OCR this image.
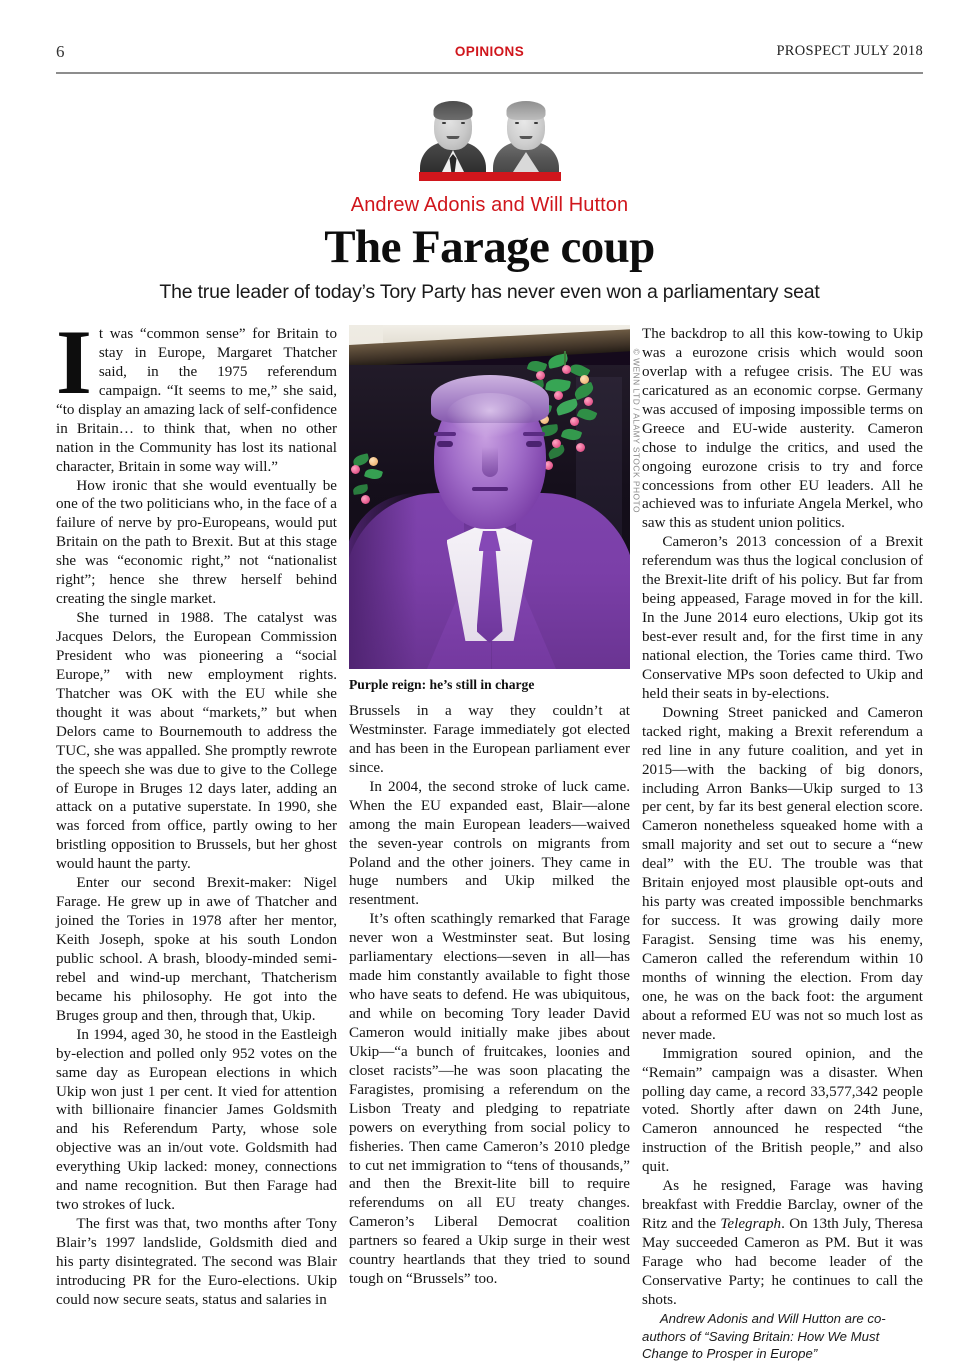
6	OPINIONS	PROSPECT JULY 2018
Andrew Adonis and Will Hutton
The Farage coup
The true leader of today’s Tory Party has never even won a parliamentary seat

It was “common sense” for Britain to stay in Europe, Margaret Thatcher said, in the 1975 referendum campaign. “It seems to me,” she said, “to display an amazing lack of self-confidence in Britain… to think that, when no other nation in the Community has lost its national character, Britain in some way will.”

How ironic that she would eventually be one of the two politicians who, in the face of a failure of nerve by pro-Europeans, would put Britain on the path to Brexit. But at this stage she was “economic right,” not “nationalist right”; hence she threw herself behind creating the single market.

She turned in 1988. The catalyst was Jacques Delors, the European Commission President who was pioneering a “social Europe,” with new employment rights. Thatcher was OK with the EU while she thought it was about “markets,” but when Delors came to Bournemouth to address the TUC, she was appalled. She promptly rewrote the speech she was due to give to the College of Europe in Bruges 12 days later, adding an attack on a putative superstate. In 1990, she was forced from office, partly owing to her bristling opposition to Brussels, but her ghost would haunt the party.

Enter our second Brexit-maker: Nigel Farage. He grew up in awe of Thatcher and joined the Tories in 1978 after her mentor, Keith Joseph, spoke at his south London public school. A brash, bloody-minded semi-rebel and wind-up merchant, Thatcherism became his philosophy. He got into the Bruges group and then, through that, Ukip.

In 1994, aged 30, he stood in the Eastleigh by-election and polled only 952 votes on the same day as European elections in which Ukip won just 1 per cent. It vied for attention with billionaire financier James Goldsmith and his Referendum Party, whose sole objective was an in/out vote. Goldsmith had everything Ukip lacked: money, connections and name recognition. But then Farage had two strokes of luck.

The first was that, two months after Tony Blair’s 1997 landslide, Goldsmith died and his party disintegrated. The second was Blair introducing PR for the Euro-elections. Ukip could now secure seats, status and salaries in

© WENN LTD / ALAMY STOCK PHOTO
Purple reign: he’s still in charge

Brussels in a way they couldn’t at Westminster. Farage immediately got elected and has been in the European parliament ever since.

In 2004, the second stroke of luck came. When the EU expanded east, Blair—alone among the main European leaders—waived the seven-year controls on migrants from Poland and the other joiners. They came in huge numbers and Ukip milked the resentment.

It’s often scathingly remarked that Farage never won a Westminster seat. But losing parliamentary elections—seven in all—has made him constantly available to fight those who have seats to defend. He was ubiquitous, and while on becoming Tory leader David Cameron would initially make jibes about Ukip—“a bunch of fruitcakes, loonies and closet racists”—he was soon placating the Faragistes, promising a referendum on the Lisbon Treaty and pledging to repatriate powers on everything from social policy to fisheries. Then came Cameron’s 2010 pledge to cut net immigration to “tens of thousands,” and then the Brexit-lite bill to require referendums on all EU treaty changes. Cameron’s Liberal Democrat coalition partners so feared a Ukip surge in their west country heartlands that they tried to sound tough on “Brussels” too.

The backdrop to all this kow-towing to Ukip was a eurozone crisis which would soon overlap with a refugee crisis. The EU was caricatured as an economic corpse. Germany was accused of imposing impossible terms on Greece and EU-wide austerity. Cameron chose to indulge the critics, and used the ongoing eurozone crisis to try and force concessions from other EU leaders. All he achieved was to infuriate Angela Merkel, who saw this as student union politics.

Cameron’s 2013 concession of a Brexit referendum was thus the logical conclusion of the Brexit-lite drift of his policy. But far from being appeased, Farage moved in for the kill. In the June 2014 euro elections, Ukip got its best-ever result and, for the first time in any national election, the Tories came third. Two Conservative MPs soon defected to Ukip and held their seats in by-elections.

Downing Street panicked and Cameron tacked right, making a Brexit referendum a red line in any future coalition, and yet in 2015—with the backing of big donors, including Arron Banks—Ukip surged to 13 per cent, by far its best general election score. Cameron nonetheless squeaked home with a small majority and set out to secure a “new deal” with the EU. The trouble was that Britain enjoyed most plausible opt-outs and his party was created impossible benchmarks for success. It was growing daily more Faragist. Sensing time was his enemy, Cameron called the referendum within 10 months of winning the election. From day one, he was on the back foot: the argument about a reformed EU was not so much lost as never made.

Immigration soured opinion, and the “Remain” campaign was a disaster. When polling day came, a record 33,577,342 people voted. Shortly after dawn on 24th June, Cameron announced he respected “the instruction of the British people,” and also quit.

As he resigned, Farage was having breakfast with Freddie Barclay, owner of the Ritz and the Telegraph. On 13th July, Theresa May succeeded Cameron as PM. But it was Farage who had become leader of the Conservative Party; he continues to call the shots.

Andrew Adonis and Will Hutton are co-authors of “Saving Britain: How We Must Change to Prosper in Europe”
